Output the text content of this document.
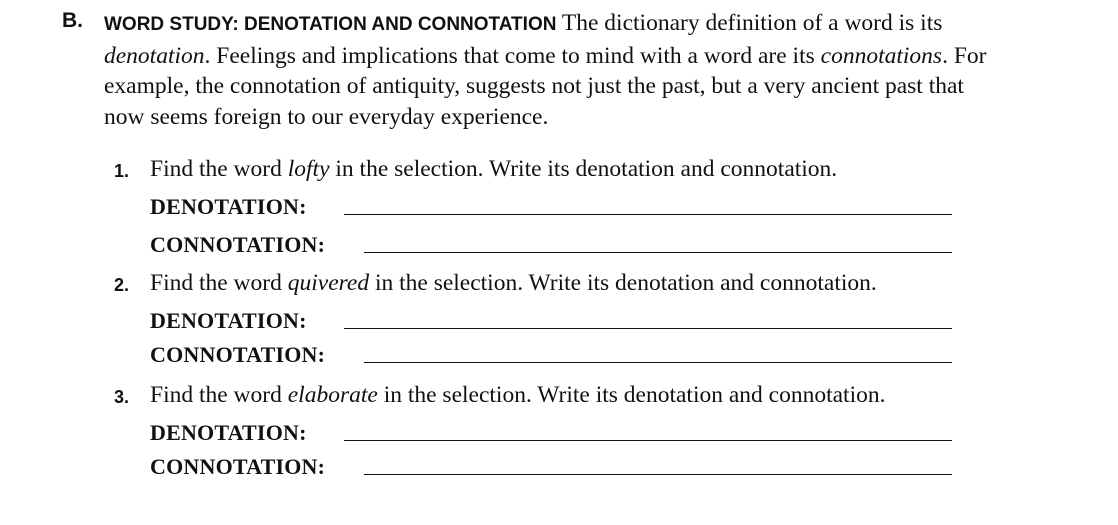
B. WORD STUDY: DENOTATION AND CONNOTATION The dictionary definition of a word is its denotation. Feelings and implications that come to mind with a word are its connotations. For example, the connotation of antiquity, suggests not just the past, but a very ancient past that now seems foreign to our everyday experience.
1. Find the word lofty in the selection. Write its denotation and connotation.
DENOTATION:
CONNOTATION:
2. Find the word quivered in the selection. Write its denotation and connotation.
DENOTATION:
CONNOTATION:
3. Find the word elaborate in the selection. Write its denotation and connotation.
DENOTATION:
CONNOTATION:
